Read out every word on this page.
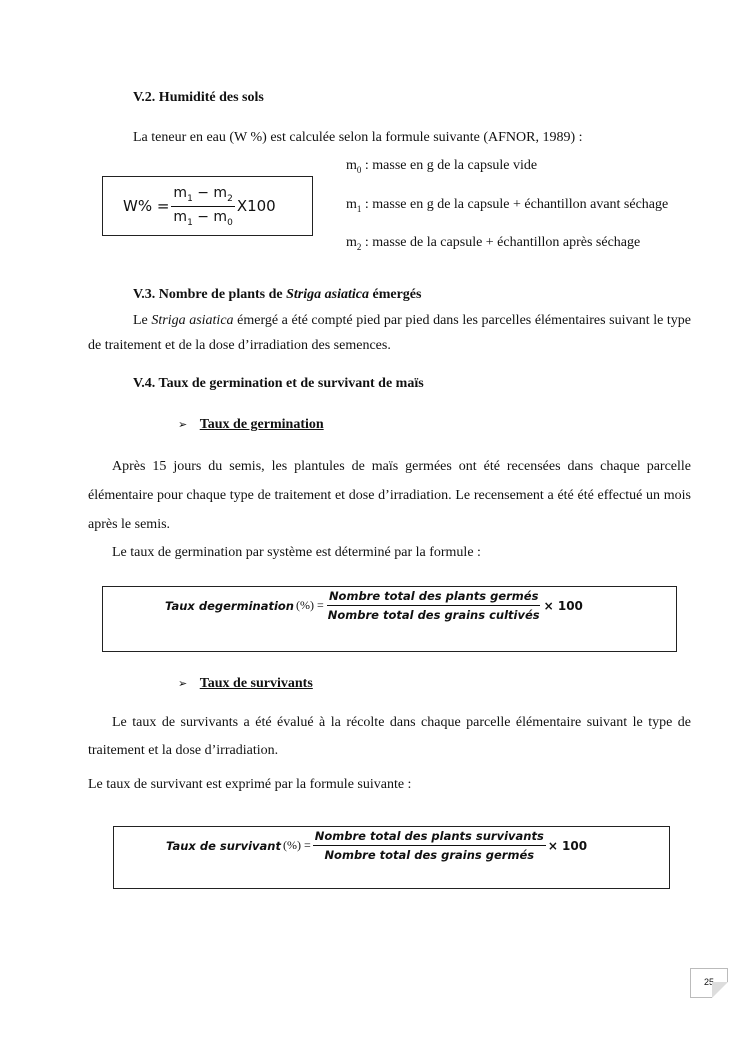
V.2. Humidité des sols
La teneur en eau (W %) est calculée selon la formule suivante (AFNOR, 1989) :
$W\% = \frac{m_1 - m_2}{m_1 - m_0} X100$
$m_0$ : masse en g de la capsule vide
$m_1$ : masse en g de la capsule + échantillon avant séchage
$m_2$ : masse de la capsule + échantillon après séchage
V.3. Nombre de plants de Striga asiatica émergés
Le Striga asiatica émergé a été compté pied par pied dans les parcelles élémentaires suivant le type de traitement et de la dose d’irradiation des semences.
V.4. Taux de germination et de survivant de maïs
➢ Taux de germination
Après 15 jours du semis, les plantules de maïs germées ont été recensées dans chaque parcelle élémentaire pour chaque type de traitement et dose d’irradiation. Le recensement a été été effectué un mois après le semis.
Le taux de germination par système est déterminé par la formule :
Taux degermination (%) = $\frac{\text{Nombre total des plants germés}}{\text{Nombre total des grains cultivés}} \times 100$
➢ Taux de survivants
Le taux de survivants a été évalué à la récolte dans chaque parcelle élémentaire suivant le type de traitement et la dose d’irradiation.
Le taux de survivant est exprimé par la formule suivante :
Taux de survivant (%) = $\frac{\text{Nombre total des plants survivants}}{\text{Nombre total des grains germés}} \times 100$
25
